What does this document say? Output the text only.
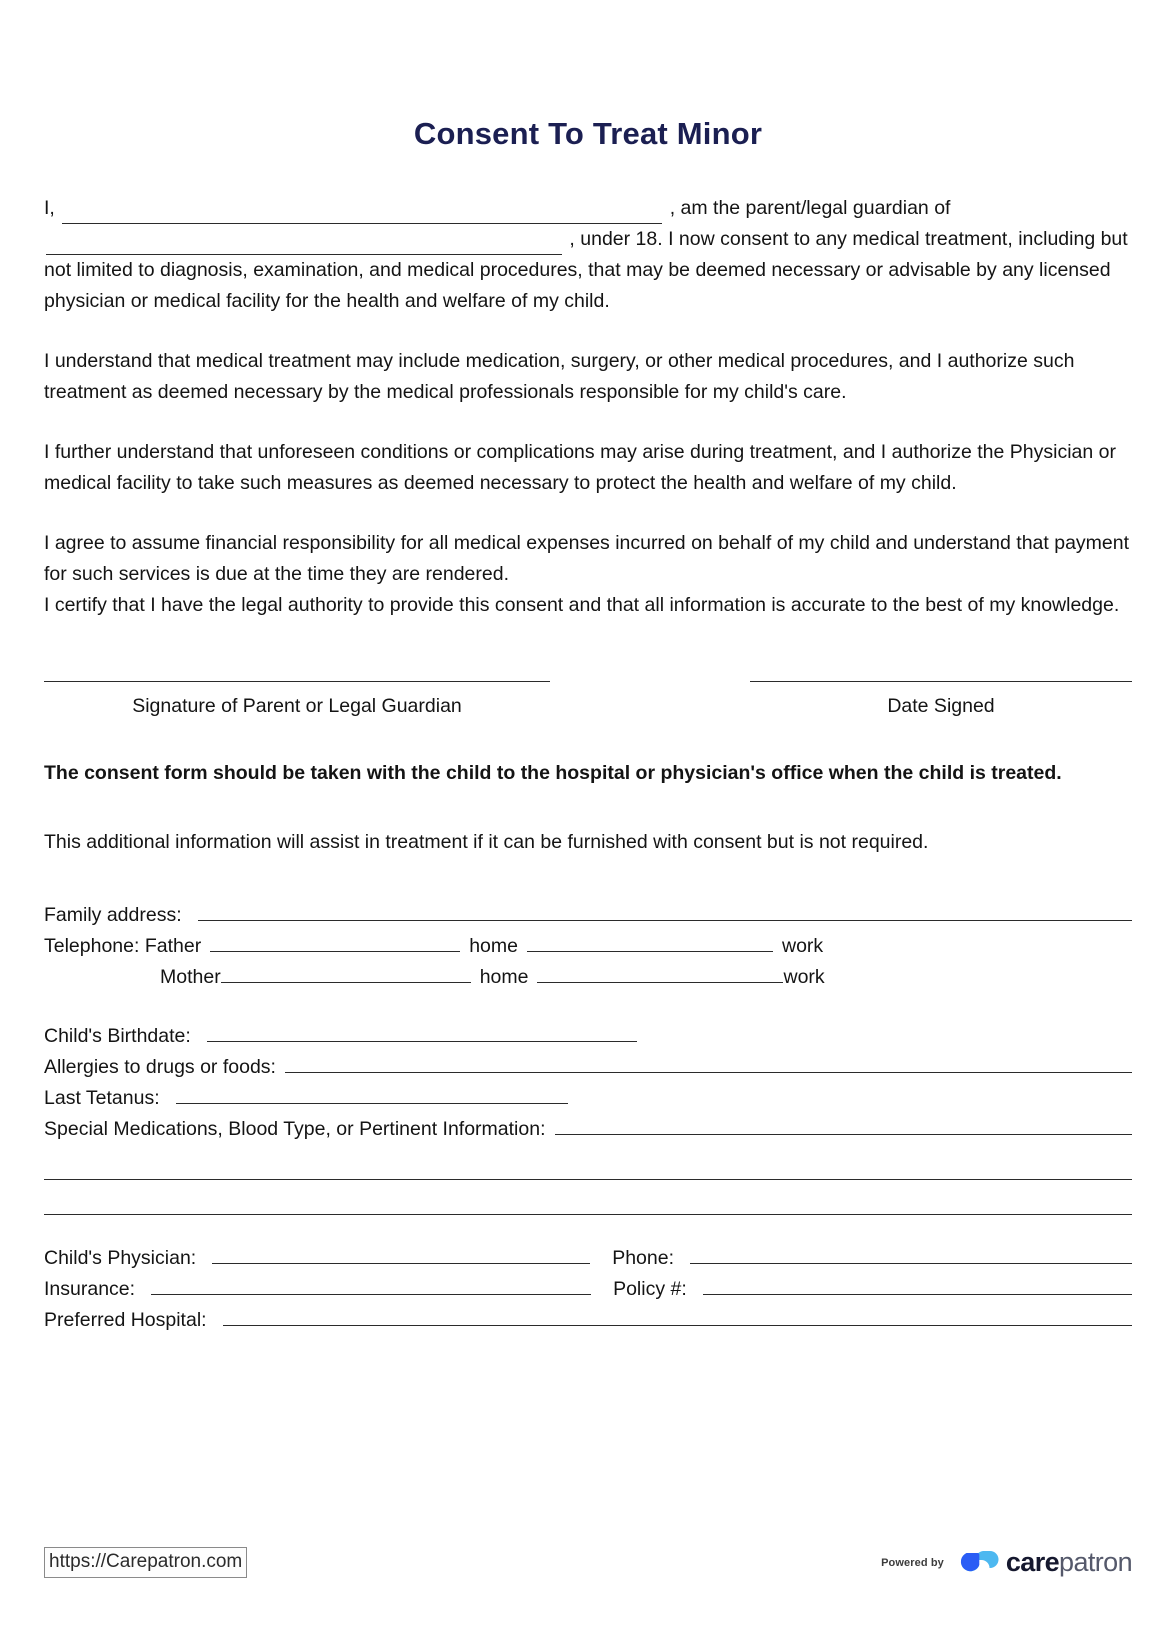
Consent To Treat Minor
I,	, am the parent/legal guardian of
, under 18. I now consent to any medical treatment, including but not limited to diagnosis, examination, and medical procedures, that may be deemed necessary or advisable by any licensed physician or medical facility for the health and welfare of my child.

I understand that medical treatment may include medication, surgery, or other medical procedures, and I authorize such treatment as deemed necessary by the medical professionals responsible for my child's care.

I further understand that unforeseen conditions or complications may arise during treatment, and I authorize the Physician or medical facility to take such measures as deemed necessary to protect the health and welfare of my child.

I agree to assume financial responsibility for all medical expenses incurred on behalf of my child and understand that payment for such services is due at the time they are rendered.

I certify that I have the legal authority to provide this consent and that all information is accurate to the best of my knowledge.

Signature of Parent or Legal Guardian	Date Signed

The consent form should be taken with the child to the hospital or physician's office when the child is treated.

This additional information will assist in treatment if it can be furnished with consent but is not required.

Family address:
Telephone: Father	home	work
Mother	home	work
Child's Birthdate:
Allergies to drugs or foods:
Last Tetanus:
Special Medications, Blood Type, or Pertinent Information:
Child's Physician:	Phone:
Insurance:	Policy #:
Preferred Hospital:
https://Carepatron.com	Powered by carepatron
